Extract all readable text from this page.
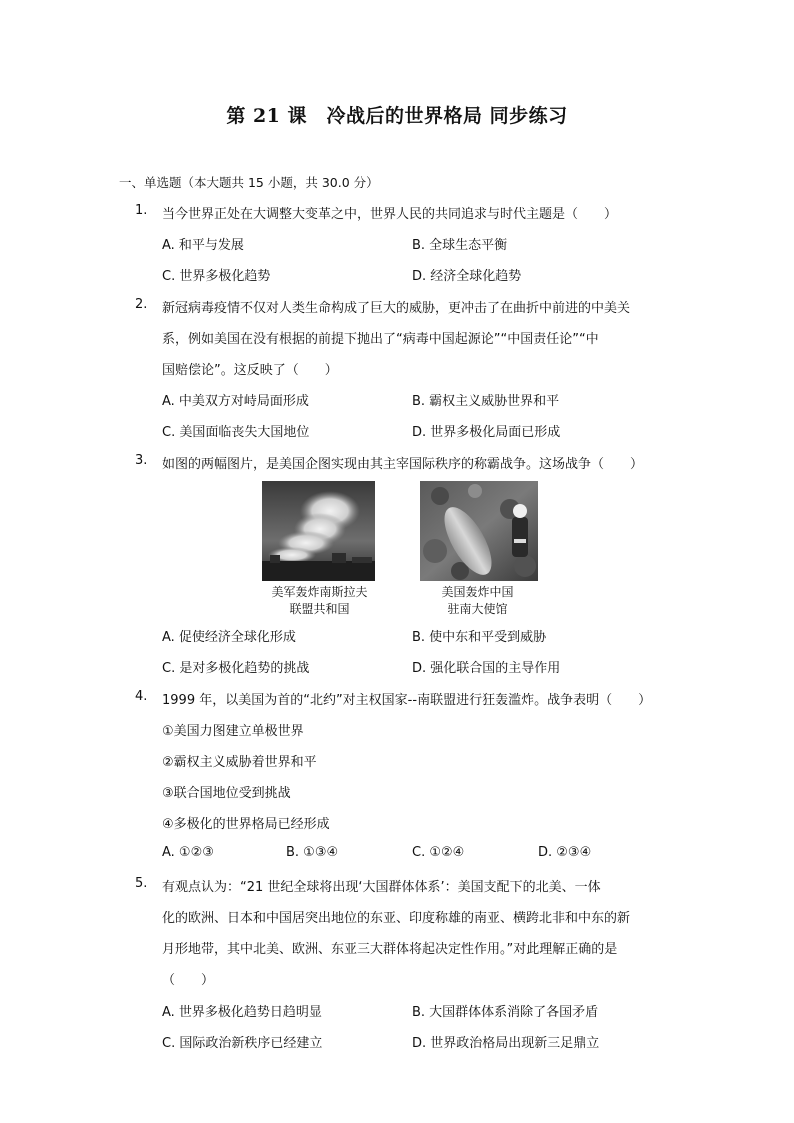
第 21 课　冷战后的世界格局 同步练习
一、单选题（本大题共 15 小题，共 30.0 分）
1. 当今世界正处在大调整大变革之中，世界人民的共同追求与时代主题是（　　）
A. 和平与发展	B. 全球生态平衡
C. 世界多极化趋势	D. 经济全球化趋势
2. 新冠病毒疫情不仅对人类生命构成了巨大的威胁，更冲击了在曲折中前进的中美关
系，例如美国在没有根据的前提下抛出了“病毒中国起源论”“中国责任论”“中
国赔偿论”。这反映了（　　）
A. 中美双方对峙局面形成	B. 霸权主义威胁世界和平
C. 美国面临丧失大国地位	D. 世界多极化局面已形成
3. 如图的两幅图片，是美国企图实现由其主宰国际秩序的称霸战争。这场战争（　　）
美军轰炸南斯拉夫
联盟共和国
美国轰炸中国
驻南大使馆
A. 促使经济全球化形成	B. 使中东和平受到威胁
C. 是对多极化趋势的挑战	D. 强化联合国的主导作用
4. 1999 年，以美国为首的“北约”对主权国家--南联盟进行狂轰滥炸。战争表明（　　）
①美国力图建立单极世界
②霸权主义威胁着世界和平
③联合国地位受到挑战
④多极化的世界格局已经形成
A. ①②③	B. ①③④	C. ①②④	D. ②③④
5. 有观点认为：“21 世纪全球将出现‘大国群体体系’：美国支配下的北美、一体
化的欧洲、日本和中国居突出地位的东亚、印度称雄的南亚、横跨北非和中东的新
月形地带，其中北美、欧洲、东亚三大群体将起决定性作用。”对此理解正确的是
（　　）
A. 世界多极化趋势日趋明显	B. 大国群体体系消除了各国矛盾
C. 国际政治新秩序已经建立	D. 世界政治格局出现新三足鼎立
